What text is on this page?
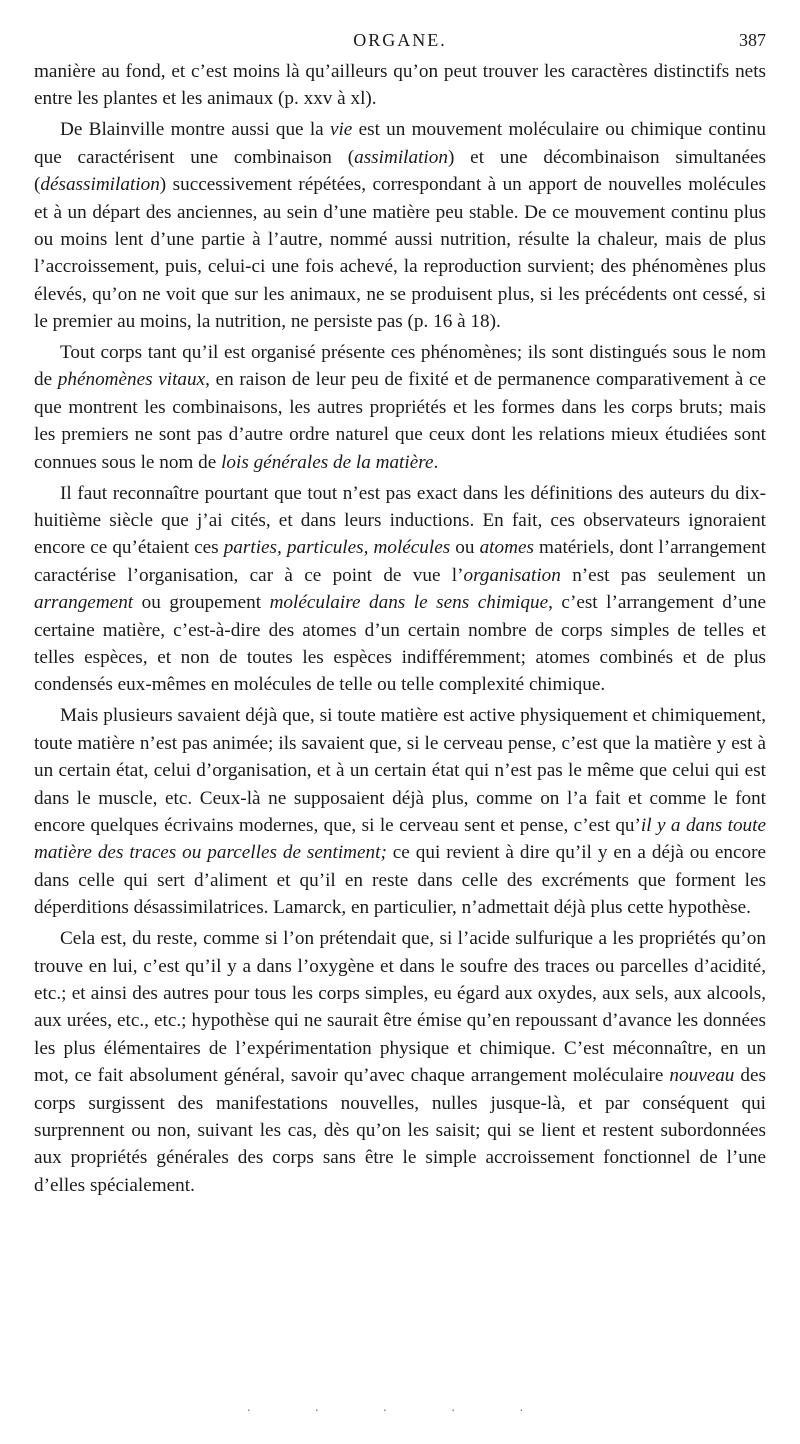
ORGANE.	387

manière au fond, et c’est moins là qu’ailleurs qu’on peut trouver les caractères distinctifs nets entre les plantes et les animaux (p. xxv à xl).

De Blainville montre aussi que la vie est un mouvement moléculaire ou chimique continu que caractérisent une combinaison (assimilation) et une décombinaison simultanées (désassimilation) successivement répétées, correspondant à un apport de nouvelles molécules et à un départ des anciennes, au sein d’une matière peu stable. De ce mouvement continu plus ou moins lent d’une partie à l’autre, nommé aussi nutrition, résulte la chaleur, mais de plus l’accroissement, puis, celui-ci une fois achevé, la reproduction survient; des phénomènes plus élevés, qu’on ne voit que sur les animaux, ne se produisent plus, si les précédents ont cessé, si le premier au moins, la nutrition, ne persiste pas (p. 16 à 18).

Tout corps tant qu’il est organisé présente ces phénomènes; ils sont distingués sous le nom de phénomènes vitaux, en raison de leur peu de fixité et de permanence comparativement à ce que montrent les combinaisons, les autres propriétés et les formes dans les corps bruts; mais les premiers ne sont pas d’autre ordre naturel que ceux dont les relations mieux étudiées sont connues sous le nom de lois générales de la matière.

Il faut reconnaître pourtant que tout n’est pas exact dans les définitions des auteurs du dix-huitième siècle que j’ai cités, et dans leurs inductions. En fait, ces observateurs ignoraient encore ce qu’étaient ces parties, particules, molécules ou atomes matériels, dont l’arrangement caractérise l’organisation, car à ce point de vue l’organisation n’est pas seulement un arrangement ou groupement moléculaire dans le sens chimique, c’est l’arrangement d’une certaine matière, c’est-à-dire des atomes d’un certain nombre de corps simples de telles et telles espèces, et non de toutes les espèces indifféremment; atomes combinés et de plus condensés eux-mêmes en molécules de telle ou telle complexité chimique.

Mais plusieurs savaient déjà que, si toute matière est active physiquement et chimiquement, toute matière n’est pas animée; ils savaient que, si le cerveau pense, c’est que la matière y est à un certain état, celui d’organisation, et à un certain état qui n’est pas le même que celui qui est dans le muscle, etc. Ceux-là ne supposaient déjà plus, comme on l’a fait et comme le font encore quelques écrivains modernes, que, si le cerveau sent et pense, c’est qu’il y a dans toute matière des traces ou parcelles de sentiment; ce qui revient à dire qu’il y en a déjà ou encore dans celle qui sert d’aliment et qu’il en reste dans celle des excréments que forment les déperditions désassimilatrices. Lamarck, en particulier, n’admettait déjà plus cette hypothèse.

Cela est, du reste, comme si l’on prétendait que, si l’acide sulfurique a les propriétés qu’on trouve en lui, c’est qu’il y a dans l’oxygène et dans le soufre des traces ou parcelles d’acidité, etc.; et ainsi des autres pour tous les corps simples, eu égard aux oxydes, aux sels, aux alcools, aux urées, etc., etc.; hypothèse qui ne saurait être émise qu’en repoussant d’avance les données les plus élémentaires de l’expérimentation physique et chimique. C’est méconnaître, en un mot, ce fait absolument général, savoir qu’avec chaque arrangement moléculaire nouveau des corps surgissent des manifestations nouvelles, nulles jusque-là, et par conséquent qui surprennent ou non, suivant les cas, dès qu’on les saisit; qui se lient et restent subordonnées aux propriétés générales des corps sans être le simple accroissement fonctionnel de l’une d’elles spécialement.

· · · · ·
